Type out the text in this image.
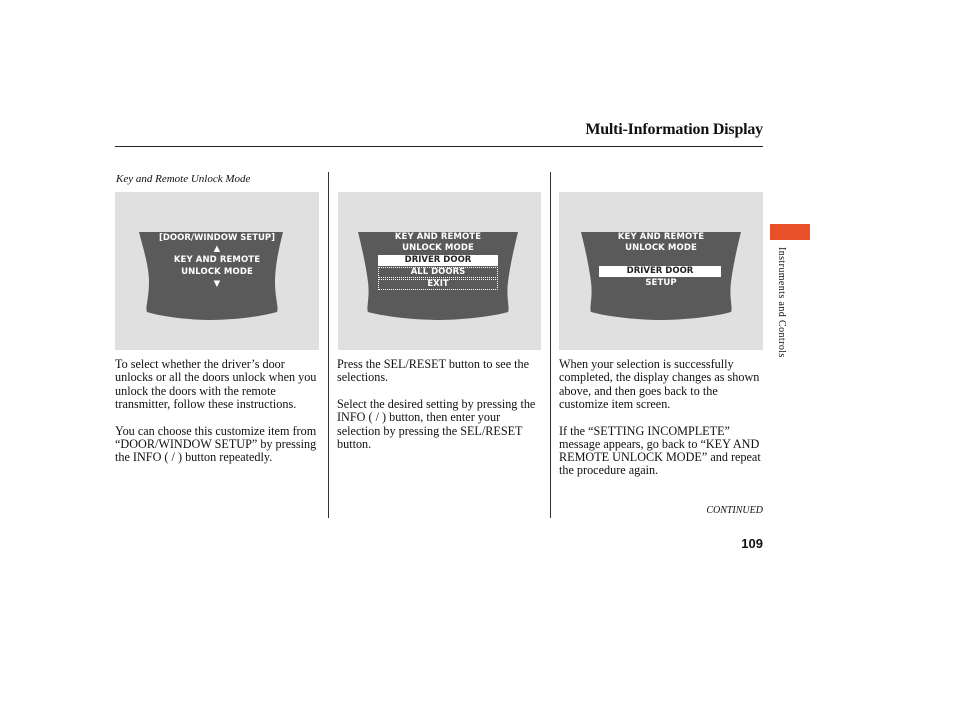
Multi-Information Display
Key and Remote Unlock Mode
[DOOR/WINDOW SETUP]
▲
KEY AND REMOTE
UNLOCK MODE
▼
KEY AND REMOTE
UNLOCK MODE
DRIVER DOOR
ALL DOORS
EXIT
KEY AND REMOTE
UNLOCK MODE
DRIVER DOOR
SETUP

To select whether the driver’s door unlocks or all the doors unlock when you unlock the doors with the remote transmitter, follow these instructions.

You can choose this customize item from “DOOR/WINDOW SETUP” by pressing the INFO ( / ) button repeatedly.

Press the SEL/RESET button to see the selections.

Select the desired setting by pressing the INFO ( / ) button, then enter your selection by pressing the SEL/RESET button.

When your selection is successfully completed, the display changes as shown above, and then goes back to the customize item screen.

If the “SETTING INCOMPLETE” message appears, go back to “KEY AND REMOTE UNLOCK MODE” and repeat the procedure again.

CONTINUED
109
Instruments and Controls
